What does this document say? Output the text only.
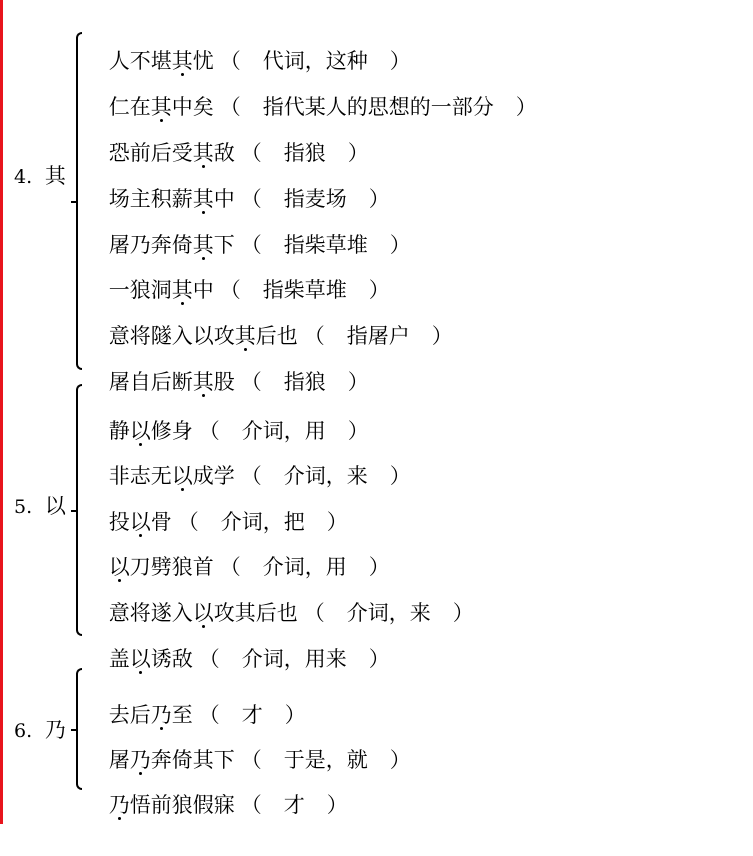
4. 其

人不堪其忧 （ 代词，这种 ）

仁在其中矣 （ 指代某人的思想的一部分 ）

恐前后受其敌 （ 指狼 ）

场主积薪其中 （ 指麦场 ）

屠乃奔倚其下 （ 指柴草堆 ）

一狼洞其中 （ 指柴草堆 ）

意将隧入以攻其后也 （ 指屠户 ）

屠自后断其股 （ 指狼 ）

5. 以

静以修身 （ 介词，用 ）

非志无以成学 （ 介词，来 ）

投以骨 （ 介词，把 ）

以刀劈狼首 （ 介词，用 ）

意将遂入以攻其后也 （ 介词，来 ）

盖以诱敌 （ 介词，用来 ）

6. 乃

去后乃至 （ 才 ）

屠乃奔倚其下 （ 于是，就 ）

乃悟前狼假寐 （ 才 ）
